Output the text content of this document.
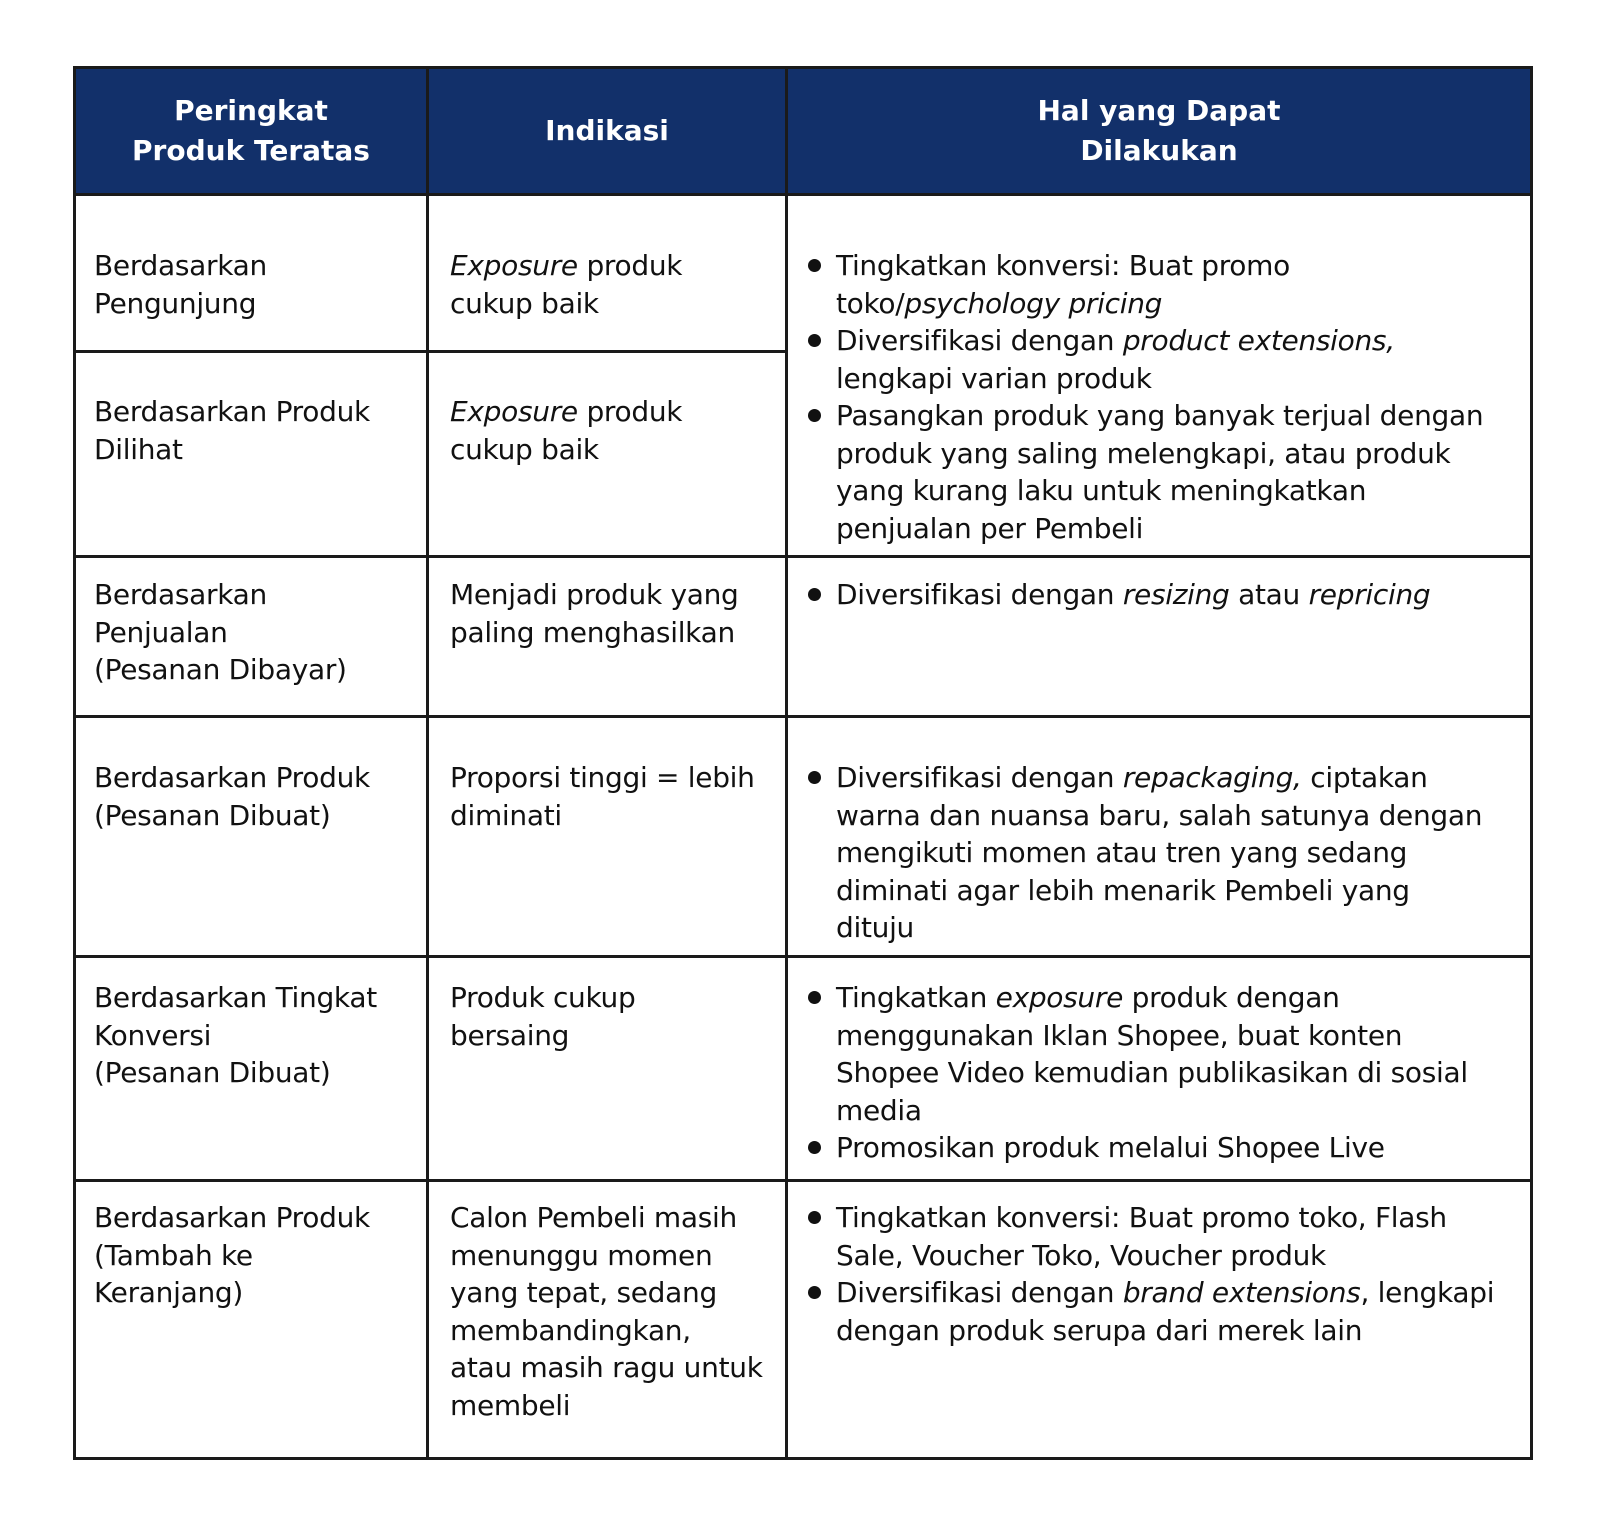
Peringkat
Produk Teratas
Indikasi
Hal yang Dapat
Dilakukan
Berdasarkan
Pengunjung
Berdasarkan Produk
Dilihat
Berdasarkan
Penjualan
(Pesanan Dibayar)
Berdasarkan Produk
(Pesanan Dibuat)
Berdasarkan Tingkat
Konversi
(Pesanan Dibuat)
Berdasarkan Produk
(Tambah ke
Keranjang)
Exposure produk
cukup baik
Exposure produk
cukup baik
Menjadi produk yang
paling menghasilkan
Proporsi tinggi = lebih
diminati
Produk cukup
bersaing
Calon Pembeli masih
menunggu momen
yang tepat, sedang
membandingkan,
atau masih ragu untuk
membeli
Tingkatkan konversi: Buat promo
toko/psychology pricing
Diversifikasi dengan product extensions,
lengkapi varian produk
Pasangkan produk yang banyak terjual dengan
produk yang saling melengkapi, atau produk
yang kurang laku untuk meningkatkan
penjualan per Pembeli
Diversifikasi dengan resizing atau repricing
Diversifikasi dengan repackaging, ciptakan
warna dan nuansa baru, salah satunya dengan
mengikuti momen atau tren yang sedang
diminati agar lebih menarik Pembeli yang
dituju
Tingkatkan exposure produk dengan
menggunakan Iklan Shopee, buat konten
Shopee Video kemudian publikasikan di sosial
media
Promosikan produk melalui Shopee Live
Tingkatkan konversi: Buat promo toko, Flash
Sale, Voucher Toko, Voucher produk
Diversifikasi dengan brand extensions, lengkapi
dengan produk serupa dari merek lain
